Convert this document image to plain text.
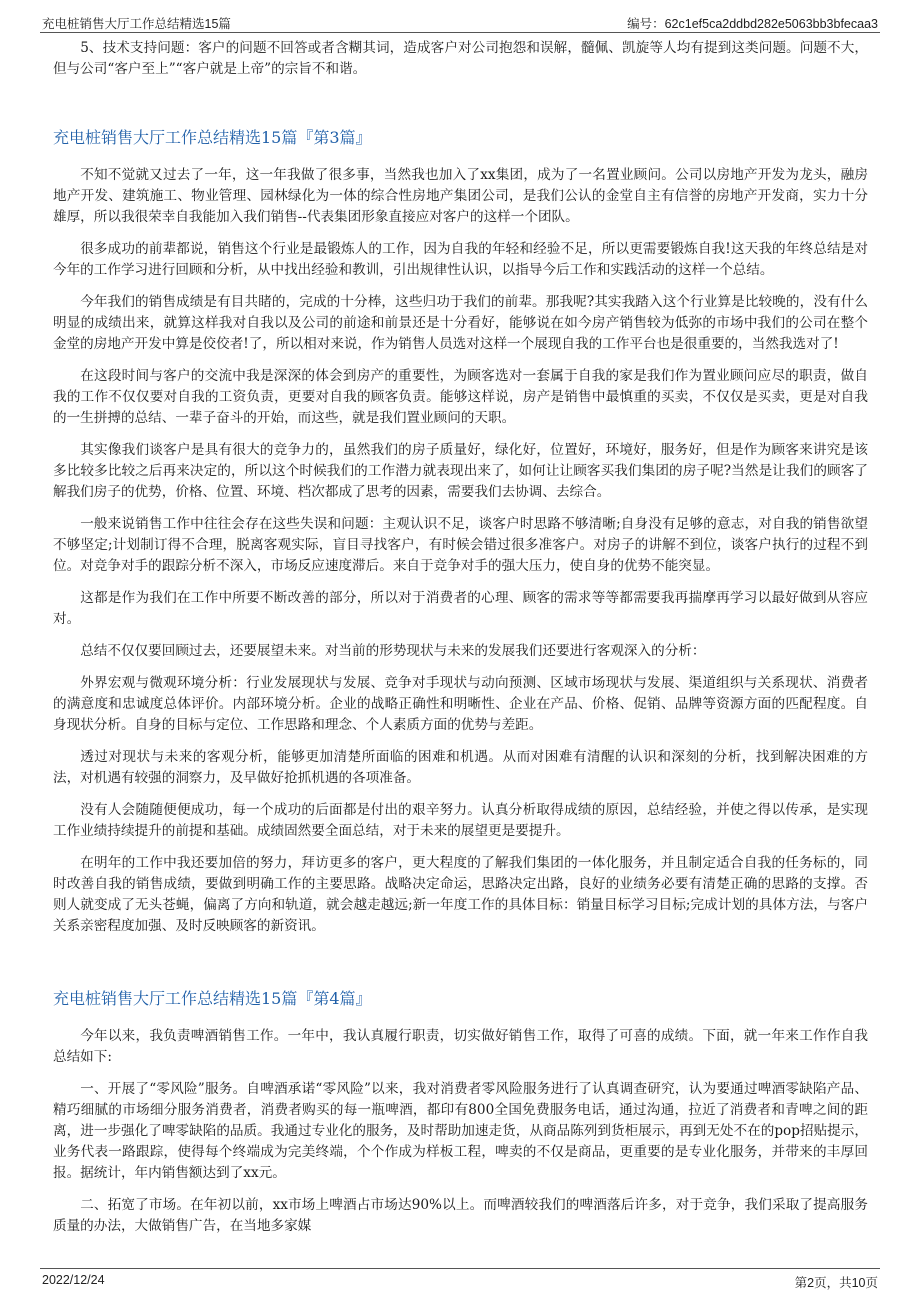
充电桩销售大厅工作总结精选15篇	编号：62c1ef5ca2ddbd282e5063bb3bfecaa3

5、技术支持问题：客户的问题不回答或者含糊其词，造成客户对公司抱怨和误解，髓佩、凯旋等人均有提到这类问题。问题不大，但与公司“客户至上”“客户就是上帝”的宗旨不和谐。

充电桩销售大厅工作总结精选15篇『第3篇』

不知不觉就又过去了一年，这一年我做了很多事，当然我也加入了xx集团，成为了一名置业顾问。公司以房地产开发为龙头，融房地产开发、建筑施工、物业管理、园林绿化为一体的综合性房地产集团公司，是我们公认的金堂自主有信誉的房地产开发商，实力十分雄厚，所以我很荣幸自我能加入我们销售--代表集团形象直接应对客户的这样一个团队。

很多成功的前辈都说，销售这个行业是最锻炼人的工作，因为自我的年轻和经验不足，所以更需要锻炼自我!这天我的年终总结是对今年的工作学习进行回顾和分析，从中找出经验和教训，引出规律性认识，以指导今后工作和实践活动的这样一个总结。

今年我们的销售成绩是有目共睹的，完成的十分棒，这些归功于我们的前辈。那我呢?其实我踏入这个行业算是比较晚的，没有什么明显的成绩出来，就算这样我对自我以及公司的前途和前景还是十分看好，能够说在如今房产销售较为低弥的市场中我们的公司在整个金堂的房地产开发中算是佼佼者!了，所以相对来说，作为销售人员选对这样一个展现自我的工作平台也是很重要的，当然我选对了!

在这段时间与客户的交流中我是深深的体会到房产的重要性，为顾客选对一套属于自我的家是我们作为置业顾问应尽的职责，做自我的工作不仅仅要对自我的工资负责，更要对自我的顾客负责。能够这样说，房产是销售中最慎重的买卖，不仅仅是买卖，更是对自我的一生拼搏的总结、一辈子奋斗的开始，而这些，就是我们置业顾问的天职。

其实像我们谈客户是具有很大的竞争力的，虽然我们的房子质量好，绿化好，位置好，环境好，服务好，但是作为顾客来讲究是该多比较多比较之后再来决定的，所以这个时候我们的工作潜力就表现出来了，如何让让顾客买我们集团的房子呢?当然是让我们的顾客了解我们房子的优势，价格、位置、环境、档次都成了思考的因素，需要我们去协调、去综合。

一般来说销售工作中往往会存在这些失误和问题：主观认识不足，谈客户时思路不够清晰;自身没有足够的意志，对自我的销售欲望不够坚定;计划制订得不合理，脱离客观实际，盲目寻找客户，有时候会错过很多准客户。对房子的讲解不到位，谈客户执行的过程不到位。对竞争对手的跟踪分析不深入，市场反应速度滞后。来自于竞争对手的强大压力，使自身的优势不能突显。

这都是作为我们在工作中所要不断改善的部分，所以对于消费者的心理、顾客的需求等等都需要我再揣摩再学习以最好做到从容应对。

总结不仅仅要回顾过去，还要展望未来。对当前的形势现状与未来的发展我们还要进行客观深入的分析：

外界宏观与微观环境分析：行业发展现状与发展、竞争对手现状与动向预测、区域市场现状与发展、渠道组织与关系现状、消费者的满意度和忠诚度总体评价。内部环境分析。企业的战略正确性和明晰性、企业在产品、价格、促销、品牌等资源方面的匹配程度。自身现状分析。自身的目标与定位、工作思路和理念、个人素质方面的优势与差距。

透过对现状与未来的客观分析，能够更加清楚所面临的困难和机遇。从而对困难有清醒的认识和深刻的分析，找到解决困难的方法，对机遇有较强的洞察力，及早做好抢抓机遇的各项准备。

没有人会随随便便成功，每一个成功的后面都是付出的艰辛努力。认真分析取得成绩的原因，总结经验，并使之得以传承，是实现工作业绩持续提升的前提和基础。成绩固然要全面总结，对于未来的展望更是要提升。

在明年的工作中我还要加倍的努力，拜访更多的客户，更大程度的了解我们集团的一体化服务，并且制定适合自我的任务标的，同时改善自我的销售成绩，要做到明确工作的主要思路。战略决定命运，思路决定出路，良好的业绩务必要有清楚正确的思路的支撑。否则人就变成了无头苍蝇，偏离了方向和轨道，就会越走越远;新一年度工作的具体目标：销量目标学习目标;完成计划的具体方法，与客户关系亲密程度加强、及时反映顾客的新资讯。

充电桩销售大厅工作总结精选15篇『第4篇』

今年以来，我负责啤酒销售工作。一年中，我认真履行职责，切实做好销售工作，取得了可喜的成绩。下面，就一年来工作作自我总结如下:

一、开展了“零风险”服务。自啤酒承诺“零风险”以来，我对消费者零风险服务进行了认真调查研究，认为要通过啤酒零缺陷产品、精巧细腻的市场细分服务消费者，消费者购买的每一瓶啤酒，都印有800全国免费服务电话，通过沟通，拉近了消费者和青啤之间的距离，进一步强化了啤零缺陷的品质。我通过专业化的服务，及时帮助加速走货，从商品陈列到货柜展示，再到无处不在的pop招贴提示，业务代表一路跟踪，使得每个终端成为完美终端，个个作成为样板工程，啤卖的不仅是商品，更重要的是专业化服务，并带来的丰厚回报。据统计，年内销售额达到了xx元。

二、拓宽了市场。在年初以前，xx市场上啤酒占市场达90%以上。而啤酒较我们的啤酒落后许多，对于竞争，我们采取了提高服务质量的办法，大做销售广告，在当地多家媒

2022/12/24	第2页，共10页
